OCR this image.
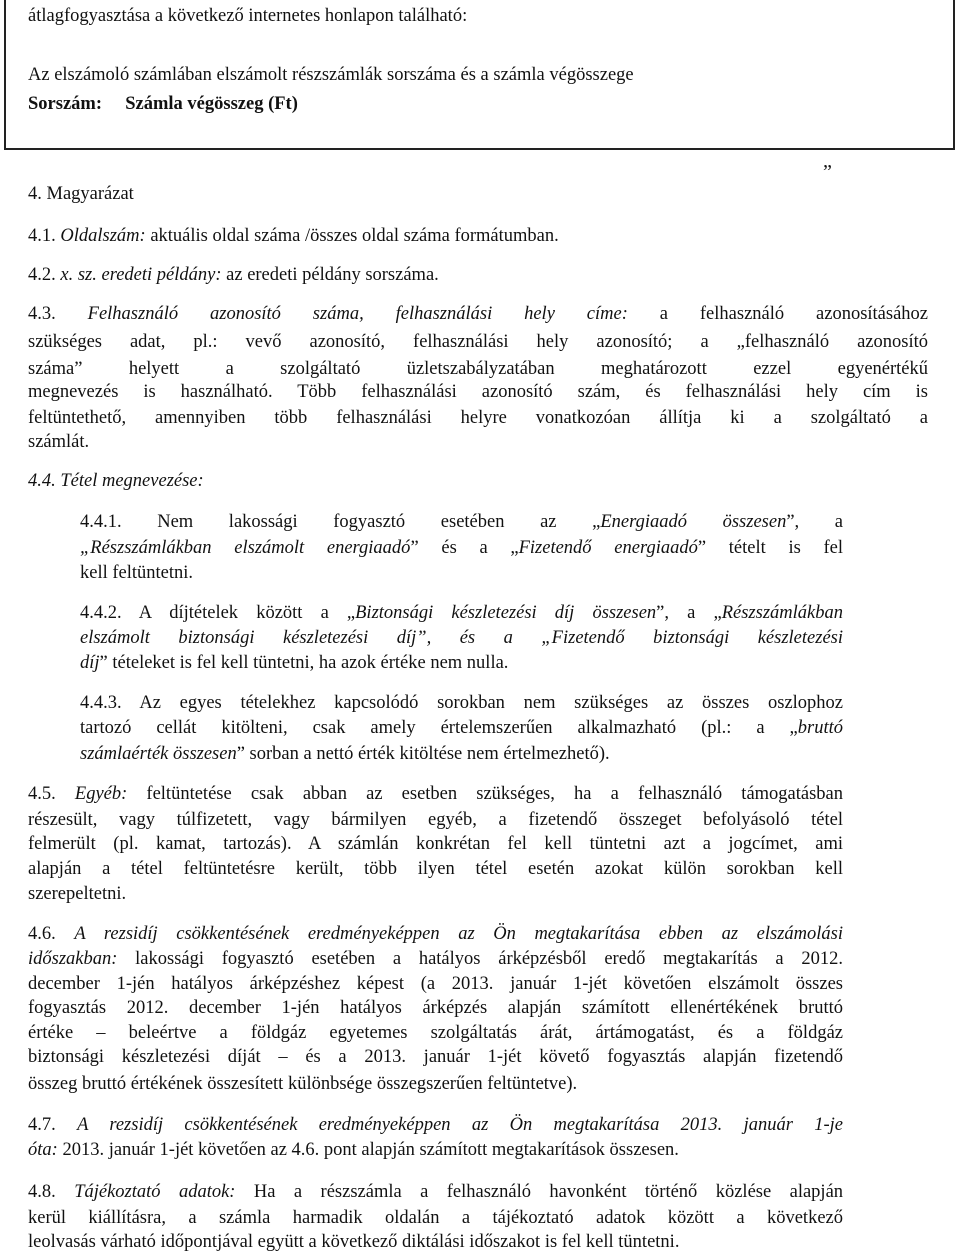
átlagfogyasztása a következő internetes honlapon található:
Az elszámoló számlában elszámolt részszámlák sorszáma és a számla végösszege
Sorszám: Számla végösszeg (Ft)
”
4. Magyarázat
4.1. Oldalszám: aktuális oldal száma /összes oldal száma formátumban.
4.2. x. sz. eredeti példány: az eredeti példány sorszáma.
4.3. Felhasználó azonosító száma, felhasználási hely címe: a felhasználó azonosításához
szükséges adat, pl.: vevő azonosító, felhasználási hely azonosító; a „felhasználó azonosító
száma” helyett a szolgáltató üzletszabályzatában meghatározott ezzel egyenértékű
megnevezés is használható. Több felhasználási azonosító szám, és felhasználási hely cím is
feltüntethető, amennyiben több felhasználási helyre vonatkozóan állítja ki a szolgáltató a
számlát.
4.4. Tétel megnevezése:
4.4.1. Nem lakossági fogyasztó esetében az „Energiaadó összesen”, a
„Részszámlákban elszámolt energiaadó” és a „Fizetendő energiaadó” tételt is fel
kell feltüntetni.
4.4.2. A díjtételek között a „Biztonsági készletezési díj összesen”, a „Részszámlákban
elszámolt biztonsági készletezési díj”, és a „Fizetendő biztonsági készletezési
díj” tételeket is fel kell tüntetni, ha azok értéke nem nulla.
4.4.3. Az egyes tételekhez kapcsolódó sorokban nem szükséges az összes oszlophoz
tartozó cellát kitölteni, csak amely értelemszerűen alkalmazható (pl.: a „bruttó
számlaérték összesen” sorban a nettó érték kitöltése nem értelmezhető).
4.5. Egyéb: feltüntetése csak abban az esetben szükséges, ha a felhasználó támogatásban
részesült, vagy túlfizetett, vagy bármilyen egyéb, a fizetendő összeget befolyásoló tétel
felmerült (pl. kamat, tartozás). A számlán konkrétan fel kell tüntetni azt a jogcímet, ami
alapján a tétel feltüntetésre került, több ilyen tétel esetén azokat külön sorokban kell
szerepeltetni.
4.6. A rezsidíj csökkentésének eredményeképpen az Ön megtakarítása ebben az elszámolási
időszakban: lakossági fogyasztó esetében a hatályos árképzésből eredő megtakarítás a 2012.
december 1-jén hatályos árképzéshez képest (a 2013. január 1-jét követően elszámolt összes
fogyasztás 2012. december 1-jén hatályos árképzés alapján számított ellenértékének bruttó
értéke – beleértve a földgáz egyetemes szolgáltatás árát, ártámogatást, és a földgáz
biztonsági készletezési díját – és a 2013. január 1-jét követő fogyasztás alapján fizetendő
összeg bruttó értékének összesített különbsége összegszerűen feltüntetve).
4.7. A rezsidíj csökkentésének eredményeképpen az Ön megtakarítása 2013. január 1-je
óta: 2013. január 1-jét követően az 4.6. pont alapján számított megtakarítások összesen.
4.8. Tájékoztató adatok: Ha a részszámla a felhasználó havonként történő közlése alapján
kerül kiállításra, a számla harmadik oldalán a tájékoztató adatok között a következő
leolvasás várható időpontjával együtt a következő diktálási időszakot is fel kell tüntetni.
